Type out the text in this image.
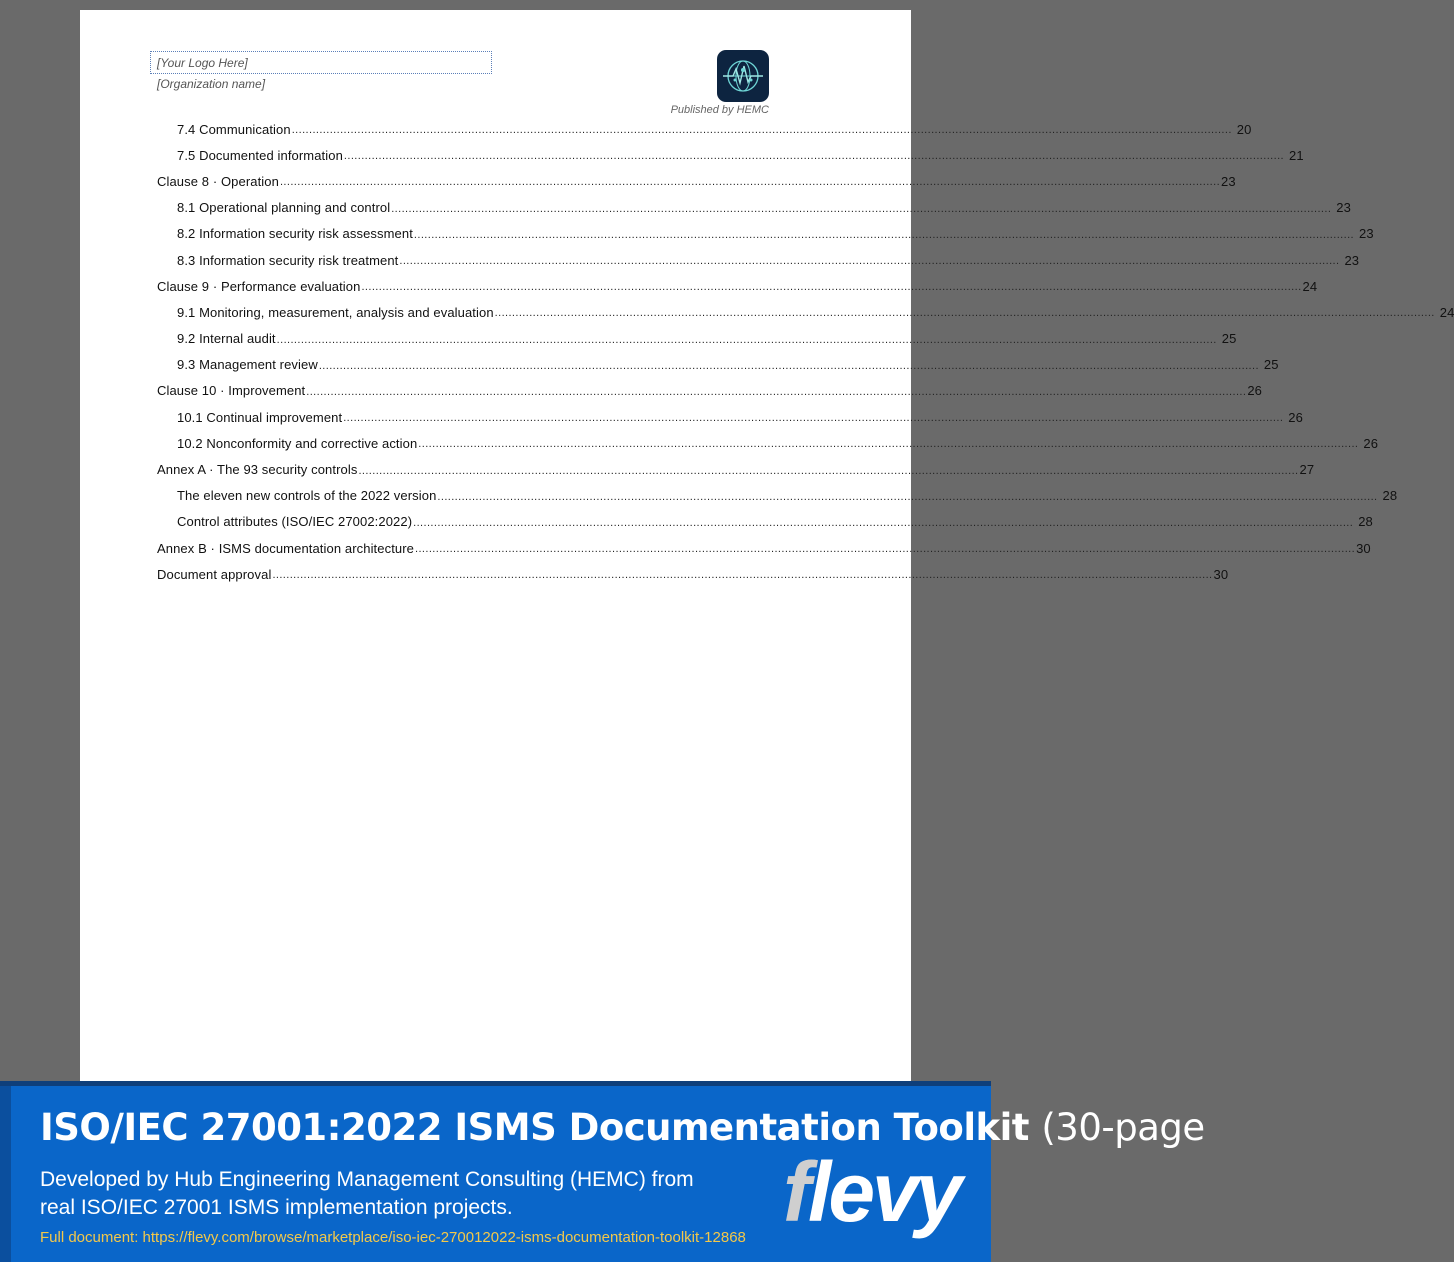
[Your Logo Here]
[Organization name]
Published by HEMC
7.4 Communication .....	20
7.5 Documented information .....	21
Clause 8 · Operation .....	23
8.1 Operational planning and control .....	23
8.2 Information security risk assessment .....	23
8.3 Information security risk treatment .....	23
Clause 9 · Performance evaluation .....	24
9.1 Monitoring, measurement, analysis and evaluation .....	24
9.2 Internal audit .....	25
9.3 Management review .....	25
Clause 10 · Improvement .....	26
10.1 Continual improvement .....	26
10.2 Nonconformity and corrective action .....	26
Annex A · The 93 security controls .....	27
The eleven new controls of the 2022 version .....	28
Control attributes (ISO/IEC 27002:2022) .....	28
Annex B · ISMS documentation architecture .....	30
Document approval .....	30
ISO/IEC 27001:2022 ISMS Documentation Toolkit (30-page
Developed by Hub Engineering Management Consulting (HEMC) from
real ISO/IEC 27001 ISMS implementation projects.
Full document: https://flevy.com/browse/marketplace/iso-iec-270012022-isms-documentation-toolkit-12868 flevy
